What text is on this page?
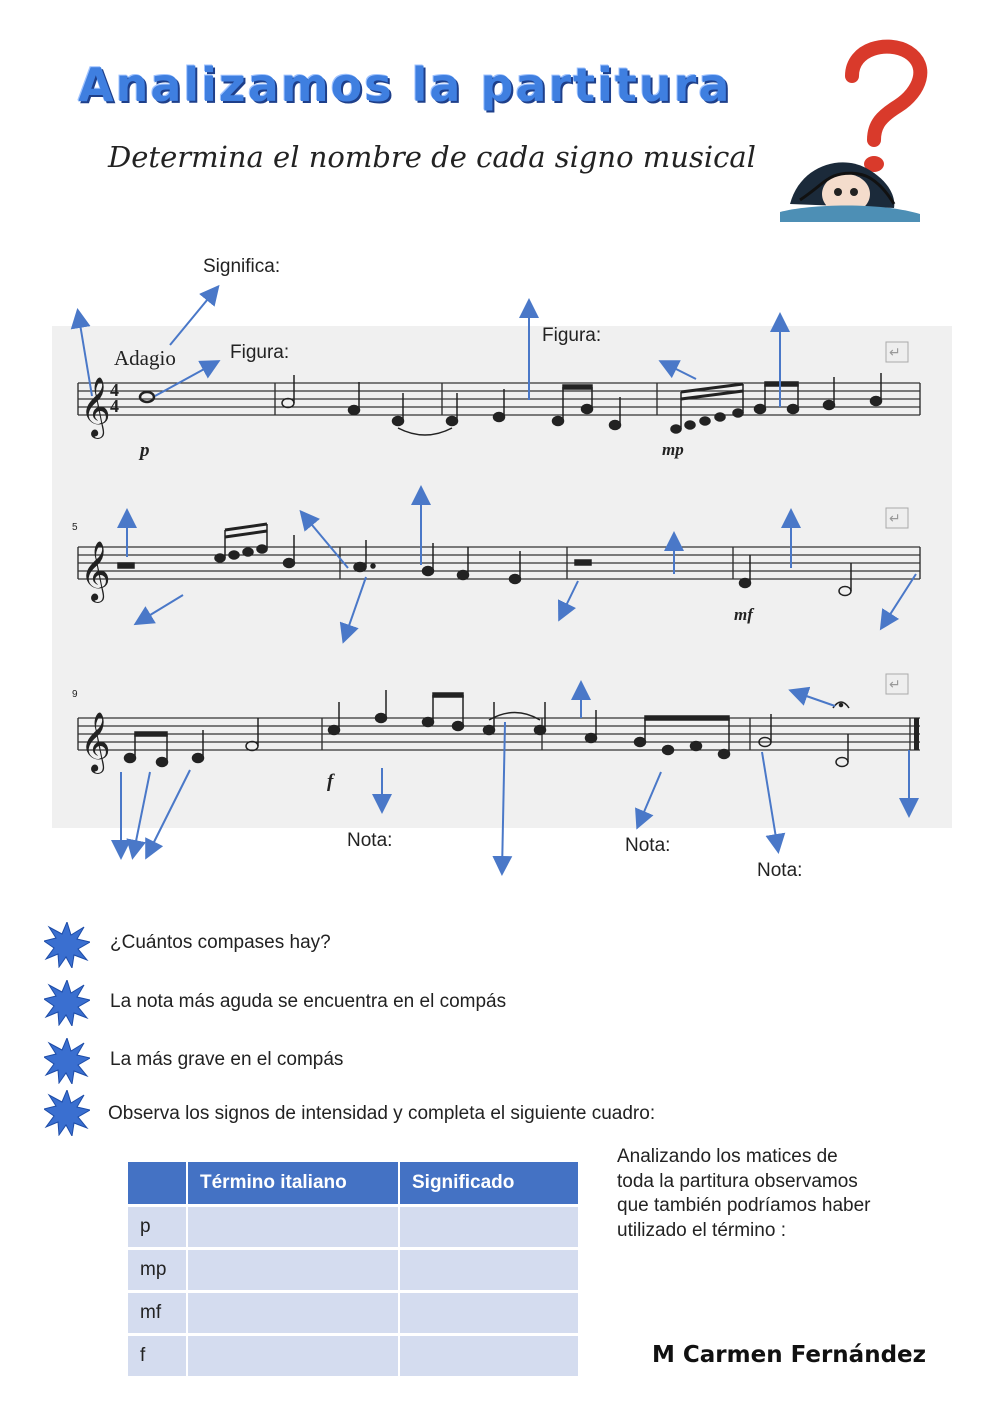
Analizamos la partitura
Determina el nombre de cada signo musical
𝄞
𝄞
𝄞
↵
↵
↵
Adagio
4
4
p	mp
mf
f
5
9
Significa:
Figura:
Figura:
Nota:	Nota:
Nota:
¿Cuántos compases hay?
La nota más aguda se encuentra en el compás
La más grave en el compás
Observa los signos de intensidad y completa el siguiente cuadro:
	Término italiano	Significado
p		
mp		
mf		
f		
Analizando los matices de
toda la partitura observamos
que también podríamos haber
utilizado el término :
M Carmen Fernández
